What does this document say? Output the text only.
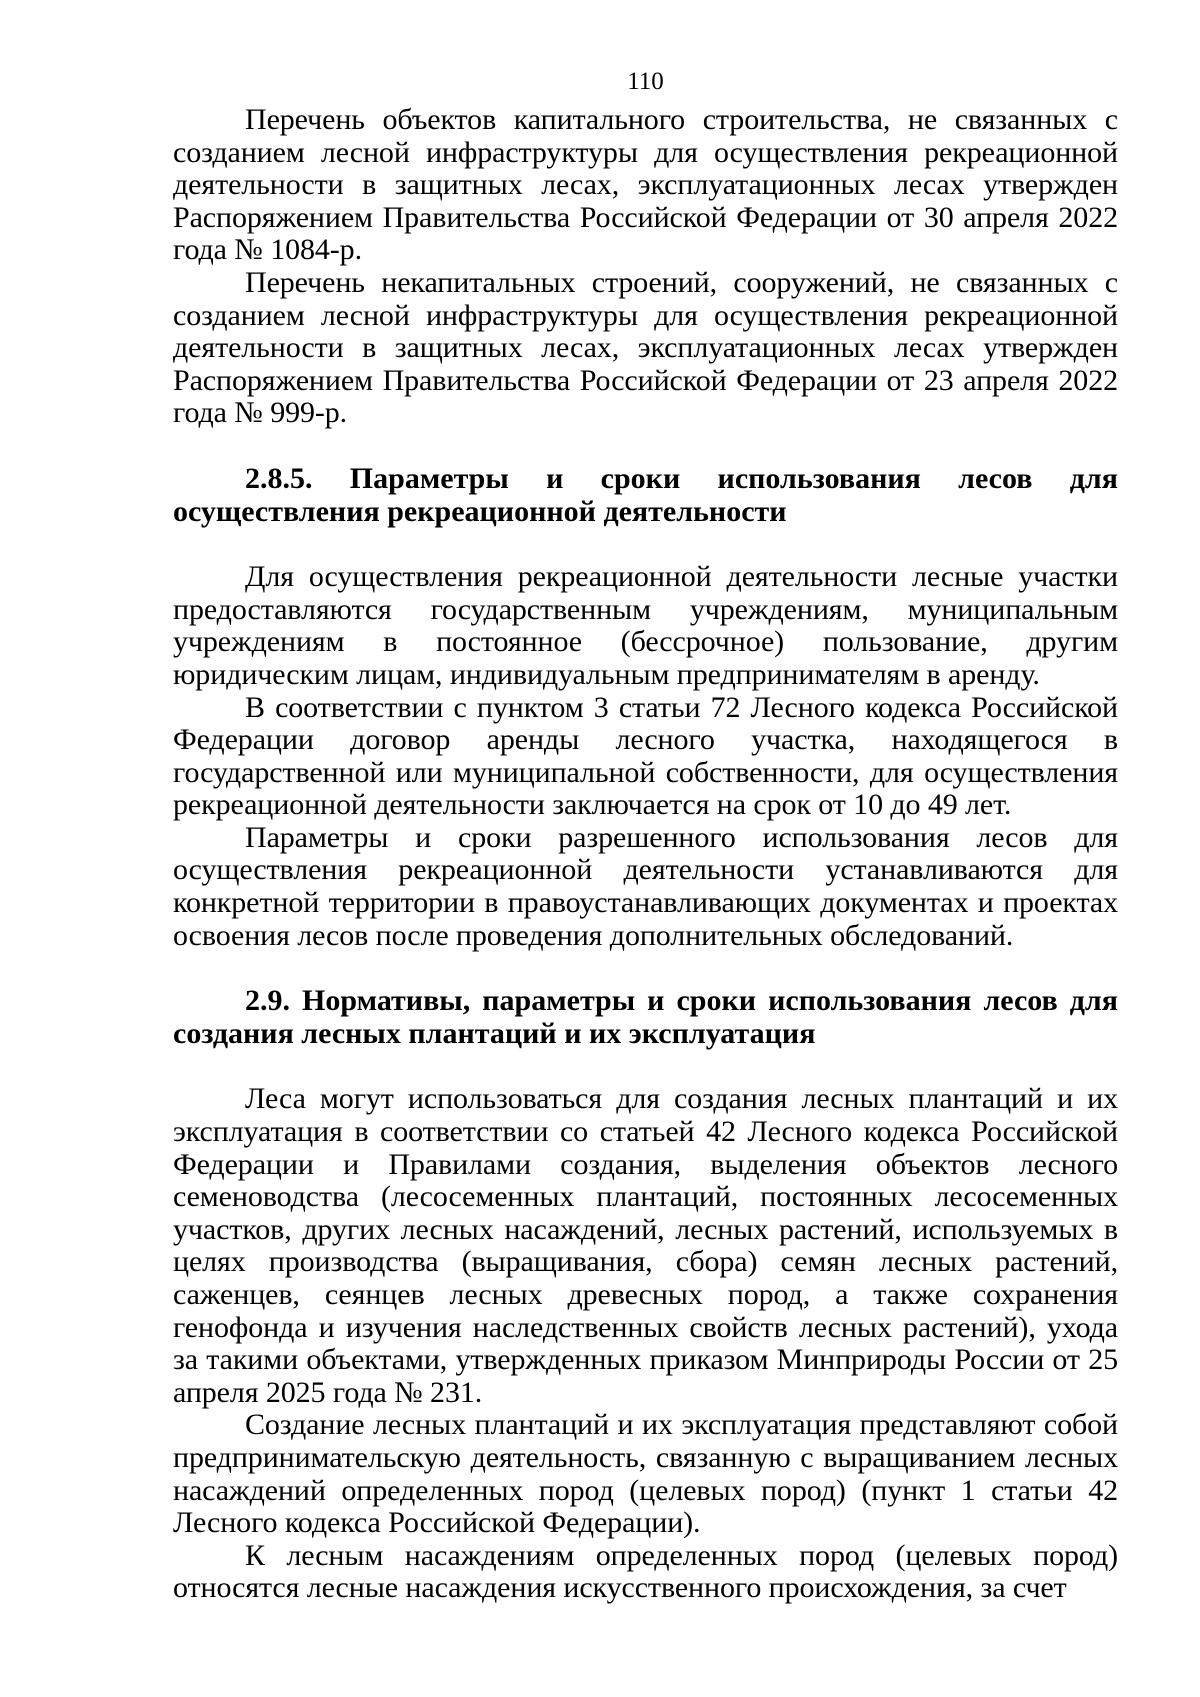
110

Перечень объектов капитального строительства, не связанных с созданием лесной инфраструктуры для осуществления рекреационной деятельности в защитных лесах, эксплуатационных лесах утвержден Распоряжением Правительства Российской Федерации от 30 апреля 2022 года № 1084-р.

Перечень некапитальных строений, сооружений, не связанных с созданием лесной инфраструктуры для осуществления рекреационной деятельности в защитных лесах, эксплуатационных лесах утвержден Распоряжением Правительства Российской Федерации от 23 апреля 2022 года № 999-р.

2.8.5. Параметры и сроки использования лесов для осуществления рекреационной деятельности

Для осуществления рекреационной деятельности лесные участки предоставляются государственным учреждениям, муниципальным учреждениям в постоянное (бессрочное) пользование, другим юридическим лицам, индивидуальным предпринимателям в аренду.

В соответствии с пунктом 3 статьи 72 Лесного кодекса Российской Федерации договор аренды лесного участка, находящегося в государственной или муниципальной собственности, для осуществления рекреационной деятельности заключается на срок от 10 до 49 лет.

Параметры и сроки разрешенного использования лесов для осуществления рекреационной деятельности устанавливаются для конкретной территории в правоустанавливающих документах и проектах освоения лесов после проведения дополнительных обследований.

2.9. Нормативы, параметры и сроки использования лесов для создания лесных плантаций и их эксплуатация

Леса могут использоваться для создания лесных плантаций и их эксплуатация в соответствии со статьей 42 Лесного кодекса Российской Федерации и Правилами создания, выделения объектов лесного семеноводства (лесосеменных плантаций, постоянных лесосеменных участков, других лесных насаждений, лесных растений, используемых в целях производства (выращивания, сбора) семян лесных растений, саженцев, сеянцев лесных древесных пород, а также сохранения генофонда и изучения наследственных свойств лесных растений), ухода за такими объектами, утвержденных приказом Минприроды России от 25 апреля 2025 года № 231.

Создание лесных плантаций и их эксплуатация представляют собой предпринимательскую деятельность, связанную с выращиванием лесных насаждений определенных пород (целевых пород) (пункт 1 статьи 42 Лесного кодекса Российской Федерации).

К лесным насаждениям определенных пород (целевых пород) относятся лесные насаждения искусственного происхождения, за счет
